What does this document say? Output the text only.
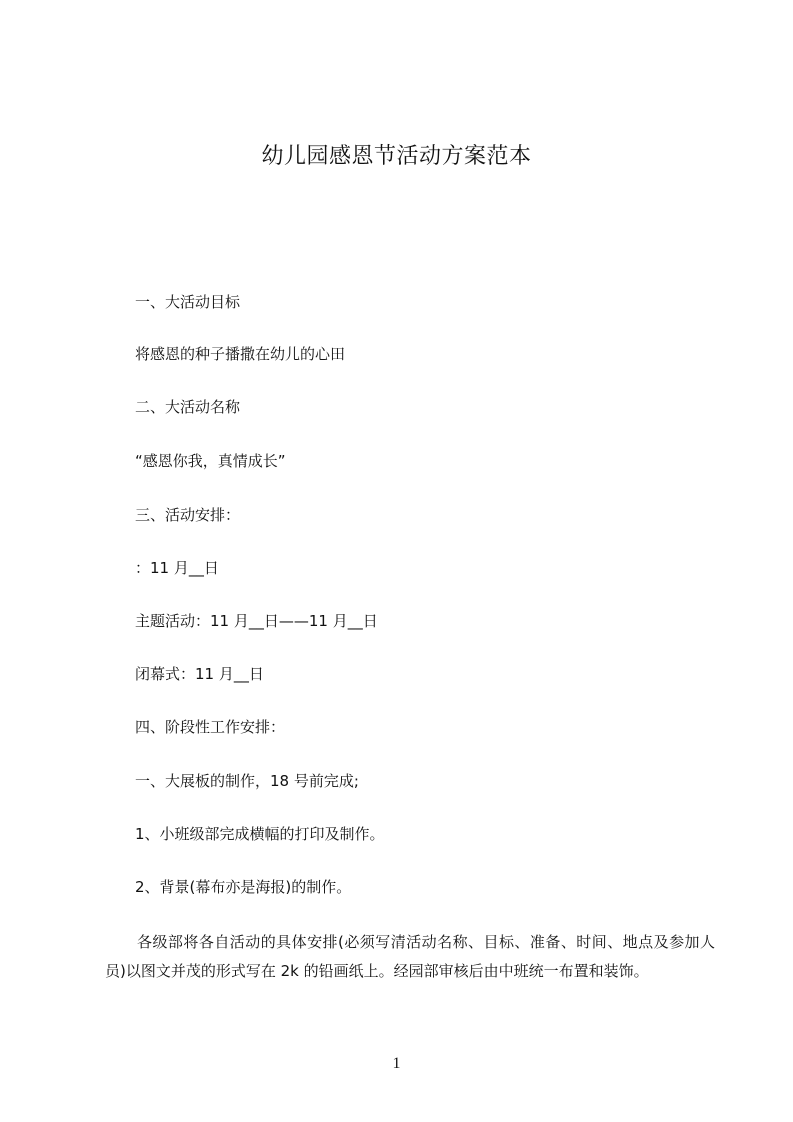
幼儿园感恩节活动方案范本
一、大活动目标
将感恩的种子播撒在幼儿的心田
二、大活动名称
“感恩你我，真情成长”
三、活动安排：
：11 月__日
主题活动：11 月__日——11 月__日
闭幕式：11 月__日
四、阶段性工作安排：
一、大展板的制作，18 号前完成;
1、小班级部完成横幅的打印及制作。
2、背景(幕布亦是海报)的制作。
各级部将各自活动的具体安排(必须写清活动名称、目标、准备、时间、地点及参加人员)以图文并茂的形式写在 2k 的铅画纸上。经园部审核后由中班统一布置和装饰。
1
